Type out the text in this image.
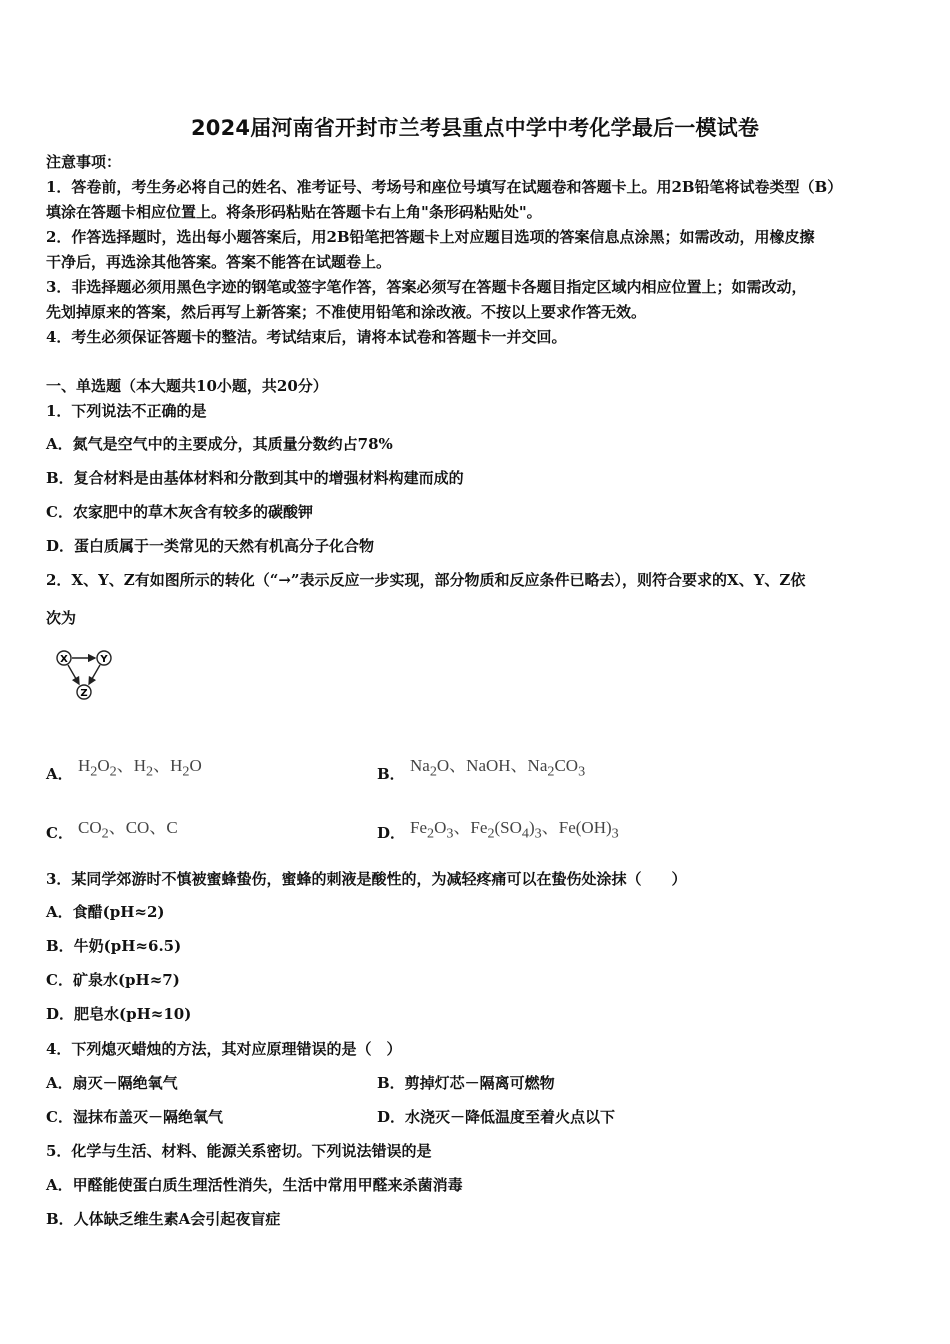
2024届河南省开封市兰考县重点中学中考化学最后一模试卷
注意事项：
1．答卷前，考生务必将自己的姓名、准考证号、考场号和座位号填写在试题卷和答题卡上。用2B铅笔将试卷类型（B）
填涂在答题卡相应位置上。将条形码粘贴在答题卡右上角"条形码粘贴处"。
2．作答选择题时，选出每小题答案后，用2B铅笔把答题卡上对应题目选项的答案信息点涂黑；如需改动，用橡皮擦
干净后，再选涂其他答案。答案不能答在试题卷上。
3．非选择题必须用黑色字迹的钢笔或签字笔作答，答案必须写在答题卡各题目指定区域内相应位置上；如需改动，
先划掉原来的答案，然后再写上新答案；不准使用铅笔和涂改液。不按以上要求作答无效。
4．考生必须保证答题卡的整洁。考试结束后，请将本试卷和答题卡一并交回。
一、单选题（本大题共10小题，共20分）
1．下列说法不正确的是
A．氮气是空气中的主要成分，其质量分数约占78%
B．复合材料是由基体材料和分散到其中的增强材料构建而成的
C．农家肥中的草木灰含有较多的碳酸钾
D．蛋白质属于一类常见的天然有机高分子化合物
2．X、Y、Z有如图所示的转化（“→”表示反应一步实现，部分物质和反应条件已略去），则符合要求的X、Y、Z依
次为
X	Y
Z
A． $H_2O_2$、$H_2$、$H_2O$	B． $Na_2O$、NaOH、$Na_2CO_3$
C． $CO_2$、CO、C	D． $Fe_2O_3$、$Fe_2(SO_4)_3$、$Fe(OH)_3$
3．某同学郊游时不慎被蜜蜂蛰伤，蜜蜂的刺液是酸性的，为减轻疼痛可以在蛰伤处涂抹（　　）
A．食醋(pH≈2)
B．牛奶(pH≈6.5)
C．矿泉水(pH≈7)
D．肥皂水(pH≈10)
4．下列熄灭蜡烛的方法，其对应原理错误的是（　）
A．扇灭－隔绝氧气	B．剪掉灯芯－隔离可燃物
C．湿抹布盖灭－隔绝氧气	D．水浇灭－降低温度至着火点以下
5．化学与生活、材料、能源关系密切。下列说法错误的是
A．甲醛能使蛋白质生理活性消失，生活中常用甲醛来杀菌消毒
B．人体缺乏维生素A会引起夜盲症
